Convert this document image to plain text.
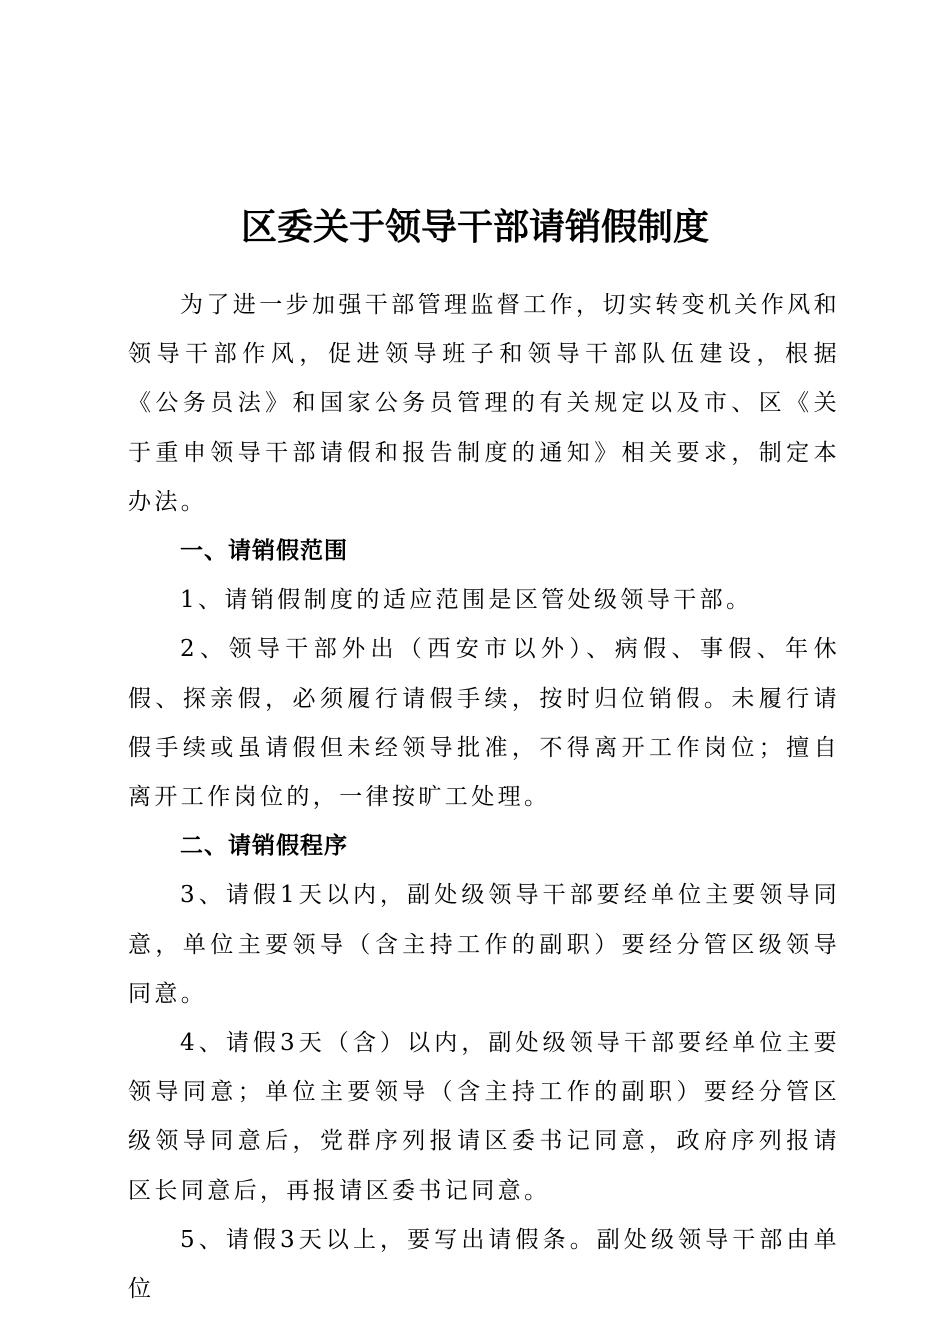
区委关于领导干部请销假制度

为了进一步加强干部管理监督工作，切实转变机关作风和领导干部作风，促进领导班子和领导干部队伍建设，根据《公务员法》和国家公务员管理的有关规定以及市、区《关于重申领导干部请假和报告制度的通知》相关要求，制定本办法。

一、请销假范围

1、请销假制度的适应范围是区管处级领导干部。

2、领导干部外出（西安市以外）、病假、事假、年休假、探亲假，必须履行请假手续，按时归位销假。未履行请假手续或虽请假但未经领导批准，不得离开工作岗位；擅自离开工作岗位的，一律按旷工处理。

二、请销假程序

3、请假1天以内，副处级领导干部要经单位主要领导同意，单位主要领导（含主持工作的副职）要经分管区级领导同意。

4、请假3天（含）以内，副处级领导干部要经单位主要领导同意；单位主要领导（含主持工作的副职）要经分管区级领导同意后，党群序列报请区委书记同意，政府序列报请区长同意后，再报请区委书记同意。

5、请假3天以上，要写出请假条。副处级领导干部由单位
